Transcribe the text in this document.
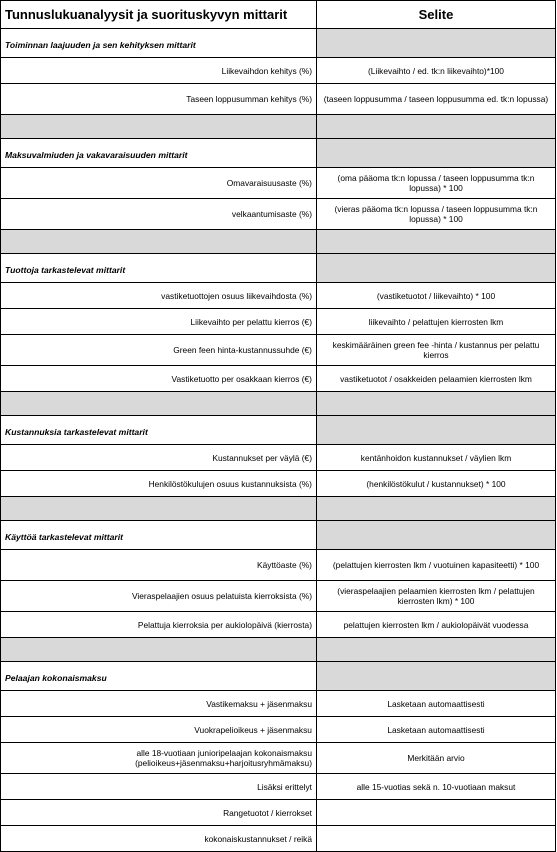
Tunnuslukuanalyysit ja suorituskyvyn mittarit	Selite
Toiminnan laajuuden ja sen kehityksen mittarit	
Liikevaihdon kehitys (%)	(Liikevaihto / ed. tk:n liikevaihto)*100
Taseen loppusumman kehitys (%)	(taseen loppusumma / taseen loppusumma ed. tk:n lopussa)

Maksuvalmiuden ja vakavaraisuuden mittarit	
Omavaraisuusaste (%)	(oma pääoma tk:n lopussa / taseen loppusumma tk:n lopussa) * 100
velkaantumisaste (%)	(vieras pääoma tk:n lopussa / taseen loppusumma tk:n lopussa) * 100

Tuottoja tarkastelevat mittarit	
vastiketuottojen osuus liikevaihdosta (%)	(vastiketuotot / liikevaihto) * 100
Liikevaihto per pelattu kierros (€)	liikevaihto / pelattujen kierrosten lkm
Green feen hinta-kustannussuhde (€)	keskimääräinen green fee -hinta / kustannus per pelattu kierros
Vastiketuotto per osakkaan kierros (€)	vastiketuotot / osakkeiden pelaamien kierrosten lkm

Kustannuksia tarkastelevat mittarit	
Kustannukset per väylä (€)	kentänhoidon kustannukset / väylien lkm
Henkilöstökulujen osuus kustannuksista (%)	(henkilöstökulut / kustannukset) * 100

Käyttöä tarkastelevat mittarit	
Käyttöaste (%)	(pelattujen kierrosten lkm / vuotuinen kapasiteetti) * 100
Vieraspelaajien osuus pelatuista kierroksista (%)	(vieraspelaajien pelaamien kierrosten lkm / pelattujen kierrosten lkm) * 100
Pelattuja kierroksia per aukiolopäivä (kierrosta)	pelattujen kierrosten lkm / aukiolopäivät vuodessa

Pelaajan kokonaismaksu	
Vastikemaksu + jäsenmaksu	Lasketaan automaattisesti
Vuokrapelioikeus + jäsenmaksu	Lasketaan automaattisesti
alle 18-vuotiaan junioripelaajan kokonaismaksu (pelioikeus+jäsenmaksu+harjoitusryhmämaksu)	Merkitään arvio
Lisäksi erittelyt	alle 15-vuotias sekä n. 10-vuotiaan maksut
Rangetuotot / kierrokset	
kokonaiskustannukset / reikä	
